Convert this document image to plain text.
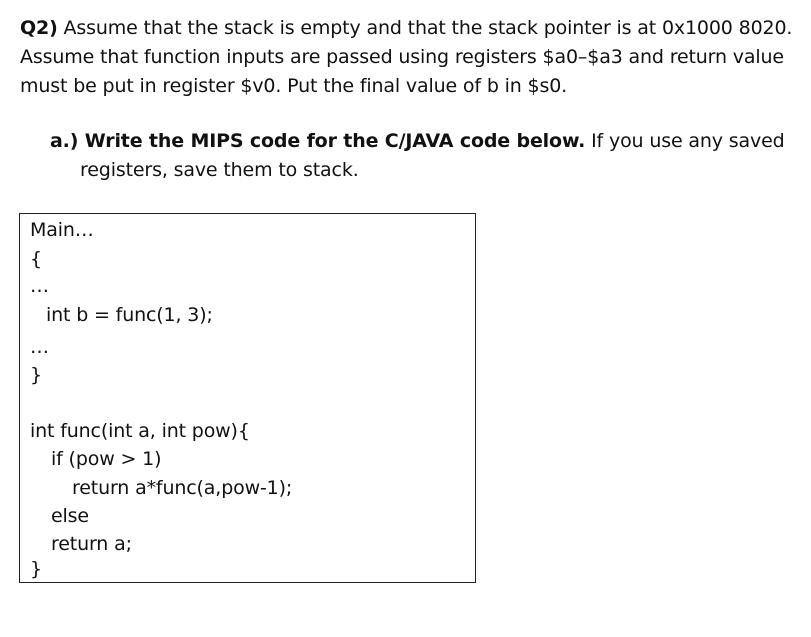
Q2) Assume that the stack is empty and that the stack pointer is at 0x1000 8020.
Assume that function inputs are passed using registers $a0–$a3 and return value
must be put in register $v0. Put the final value of b in $s0.
a.) Write the MIPS code for the C/JAVA code below. If you use any saved
registers, save them to stack.
Main…
{
…
int b = func(1, 3);
…
}
int func(int a, int pow){
if (pow > 1)
return a*func(a,pow-1);
else
return a;
}
